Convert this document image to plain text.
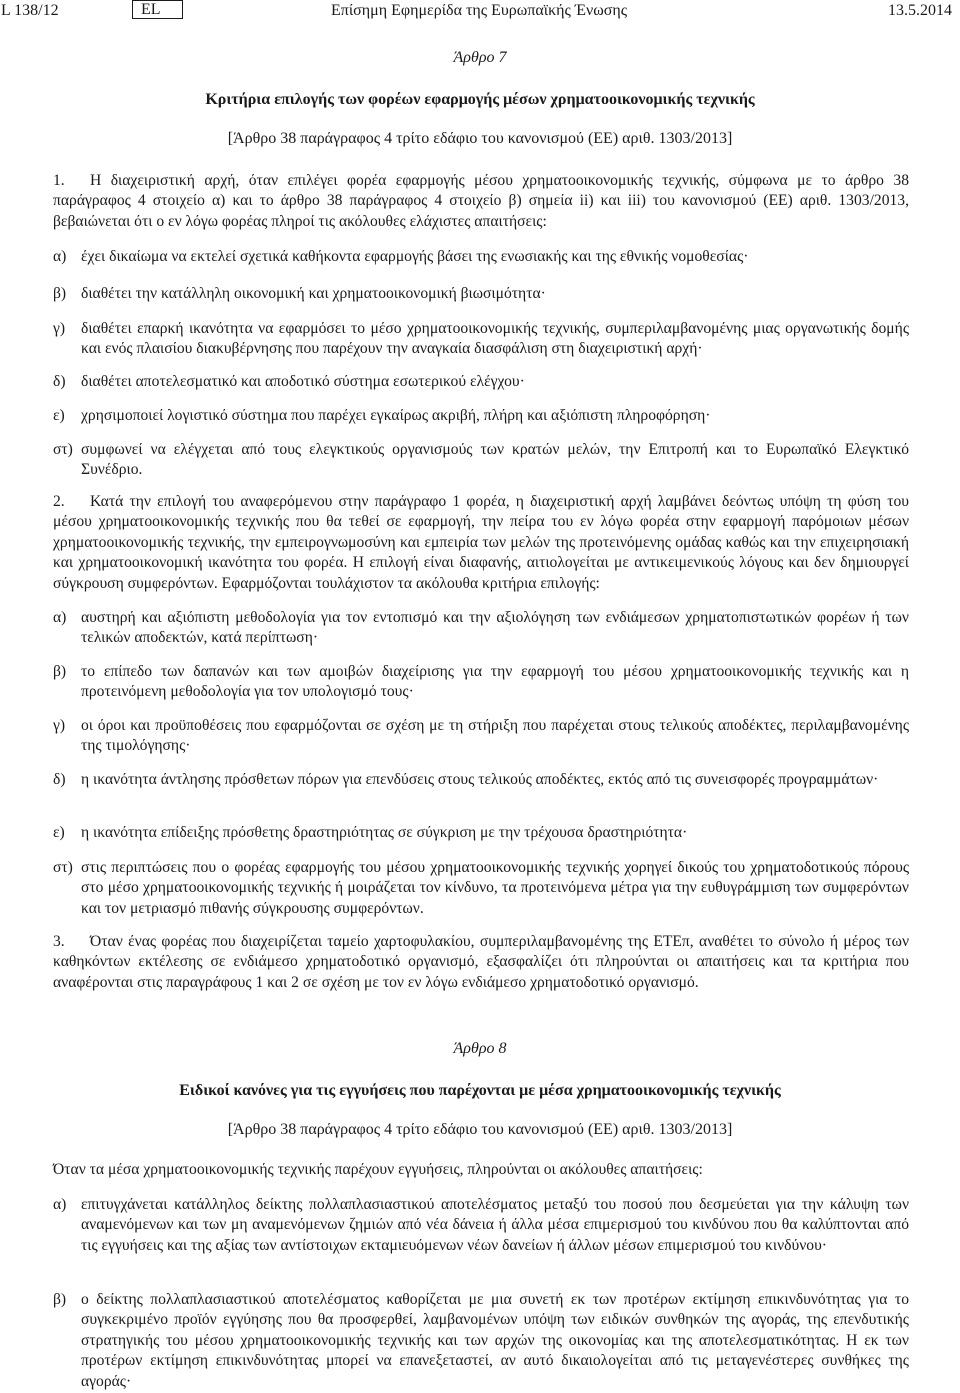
L 138/12	EL	Επίσημη Εφημερίδα της Ευρωπαϊκής Ένωσης	13.5.2014
Άρθρο 7
Κριτήρια επιλογής των φορέων εφαρμογής μέσων χρηματοοικονομικής τεχνικής
[Άρθρο 38 παράγραφος 4 τρίτο εδάφιο του κανονισμού (ΕΕ) αριθ. 1303/2013]
1. Η διαχειριστική αρχή, όταν επιλέγει φορέα εφαρμογής μέσου χρηματοοικονομικής τεχνικής, σύμφωνα με το άρθρο 38 παράγραφος 4 στοιχείο α) και το άρθρο 38 παράγραφος 4 στοιχείο β) σημεία ii) και iii) του κανονισμού (ΕΕ) αριθ. 1303/2013, βεβαιώνεται ότι ο εν λόγω φορέας πληροί τις ακόλουθες ελάχιστες απαιτήσεις:
α) έχει δικαίωμα να εκτελεί σχετικά καθήκοντα εφαρμογής βάσει της ενωσιακής και της εθνικής νομοθεσίας·
β) διαθέτει την κατάλληλη οικονομική και χρηματοοικονομική βιωσιμότητα·
γ) διαθέτει επαρκή ικανότητα να εφαρμόσει το μέσο χρηματοοικονομικής τεχνικής, συμπεριλαμβανομένης μιας οργανωτικής δομής και ενός πλαισίου διακυβέρνησης που παρέχουν την αναγκαία διασφάλιση στη διαχειριστική αρχή·
δ) διαθέτει αποτελεσματικό και αποδοτικό σύστημα εσωτερικού ελέγχου·
ε) χρησιμοποιεί λογιστικό σύστημα που παρέχει εγκαίρως ακριβή, πλήρη και αξιόπιστη πληροφόρηση·
στ) συμφωνεί να ελέγχεται από τους ελεγκτικούς οργανισμούς των κρατών μελών, την Επιτροπή και το Ευρωπαϊκό Ελεγκτικό Συνέδριο.
2. Κατά την επιλογή του αναφερόμενου στην παράγραφο 1 φορέα, η διαχειριστική αρχή λαμβάνει δεόντως υπόψη τη φύση του μέσου χρηματοοικονομικής τεχνικής που θα τεθεί σε εφαρμογή, την πείρα του εν λόγω φορέα στην εφαρμογή παρόμοιων μέσων χρηματοοικονομικής τεχνικής, την εμπειρογνωμοσύνη και εμπειρία των μελών της προτεινόμενης ομάδας καθώς και την επιχειρησιακή και χρηματοοικονομική ικανότητα του φορέα. Η επιλογή είναι διαφανής, αιτιολογείται με αντικειμενικούς λόγους και δεν δημιουργεί σύγκρουση συμφερόντων. Εφαρμόζονται τουλάχιστον τα ακόλουθα κριτήρια επιλογής:
α) αυστηρή και αξιόπιστη μεθοδολογία για τον εντοπισμό και την αξιολόγηση των ενδιάμεσων χρηματοπιστωτικών φορέων ή των τελικών αποδεκτών, κατά περίπτωση·
β) το επίπεδο των δαπανών και των αμοιβών διαχείρισης για την εφαρμογή του μέσου χρηματοοικονομικής τεχνικής και η προτεινόμενη μεθοδολογία για τον υπολογισμό τους·
γ) οι όροι και προϋποθέσεις που εφαρμόζονται σε σχέση με τη στήριξη που παρέχεται στους τελικούς αποδέκτες, περιλαμβανομένης της τιμολόγησης·
δ) η ικανότητα άντλησης πρόσθετων πόρων για επενδύσεις στους τελικούς αποδέκτες, εκτός από τις συνεισφορές προγραμμάτων·
ε) η ικανότητα επίδειξης πρόσθετης δραστηριότητας σε σύγκριση με την τρέχουσα δραστηριότητα·
στ) στις περιπτώσεις που ο φορέας εφαρμογής του μέσου χρηματοοικονομικής τεχνικής χορηγεί δικούς του χρηματοδοτικούς πόρους στο μέσο χρηματοοικονομικής τεχνικής ή μοιράζεται τον κίνδυνο, τα προτεινόμενα μέτρα για την ευθυγράμμιση των συμφερόντων και τον μετριασμό πιθανής σύγκρουσης συμφερόντων.
3. Όταν ένας φορέας που διαχειρίζεται ταμείο χαρτοφυλακίου, συμπεριλαμβανομένης της ΕΤΕπ, αναθέτει το σύνολο ή μέρος των καθηκόντων εκτέλεσης σε ενδιάμεσο χρηματοδοτικό οργανισμό, εξασφαλίζει ότι πληρούνται οι απαιτήσεις και τα κριτήρια που αναφέρονται στις παραγράφους 1 και 2 σε σχέση με τον εν λόγω ενδιάμεσο χρηματοδοτικό οργανισμό.
Άρθρο 8
Ειδικοί κανόνες για τις εγγυήσεις που παρέχονται με μέσα χρηματοοικονομικής τεχνικής
[Άρθρο 38 παράγραφος 4 τρίτο εδάφιο του κανονισμού (ΕΕ) αριθ. 1303/2013]
Όταν τα μέσα χρηματοοικονομικής τεχνικής παρέχουν εγγυήσεις, πληρούνται οι ακόλουθες απαιτήσεις:
α) επιτυγχάνεται κατάλληλος δείκτης πολλαπλασιαστικού αποτελέσματος μεταξύ του ποσού που δεσμεύεται για την κάλυψη των αναμενόμενων και των μη αναμενόμενων ζημιών από νέα δάνεια ή άλλα μέσα επιμερισμού του κινδύνου που θα καλύπτονται από τις εγγυήσεις και της αξίας των αντίστοιχων εκταμιευόμενων νέων δανείων ή άλλων μέσων επιμερισμού του κινδύνου·
β) ο δείκτης πολλαπλασιαστικού αποτελέσματος καθορίζεται με μια συνετή εκ των προτέρων εκτίμηση επικινδυνότητας για το συγκεκριμένο προϊόν εγγύησης που θα προσφερθεί, λαμβανομένων υπόψη των ειδικών συνθηκών της αγοράς, της επενδυτικής στρατηγικής του μέσου χρηματοοικονομικής τεχνικής και των αρχών της οικονομίας και της αποτελεσματικότητας. Η εκ των προτέρων εκτίμηση επικινδυνότητας μπορεί να επανεξεταστεί, αν αυτό δικαιολογείται από τις μεταγενέστερες συνθήκες της αγοράς·
